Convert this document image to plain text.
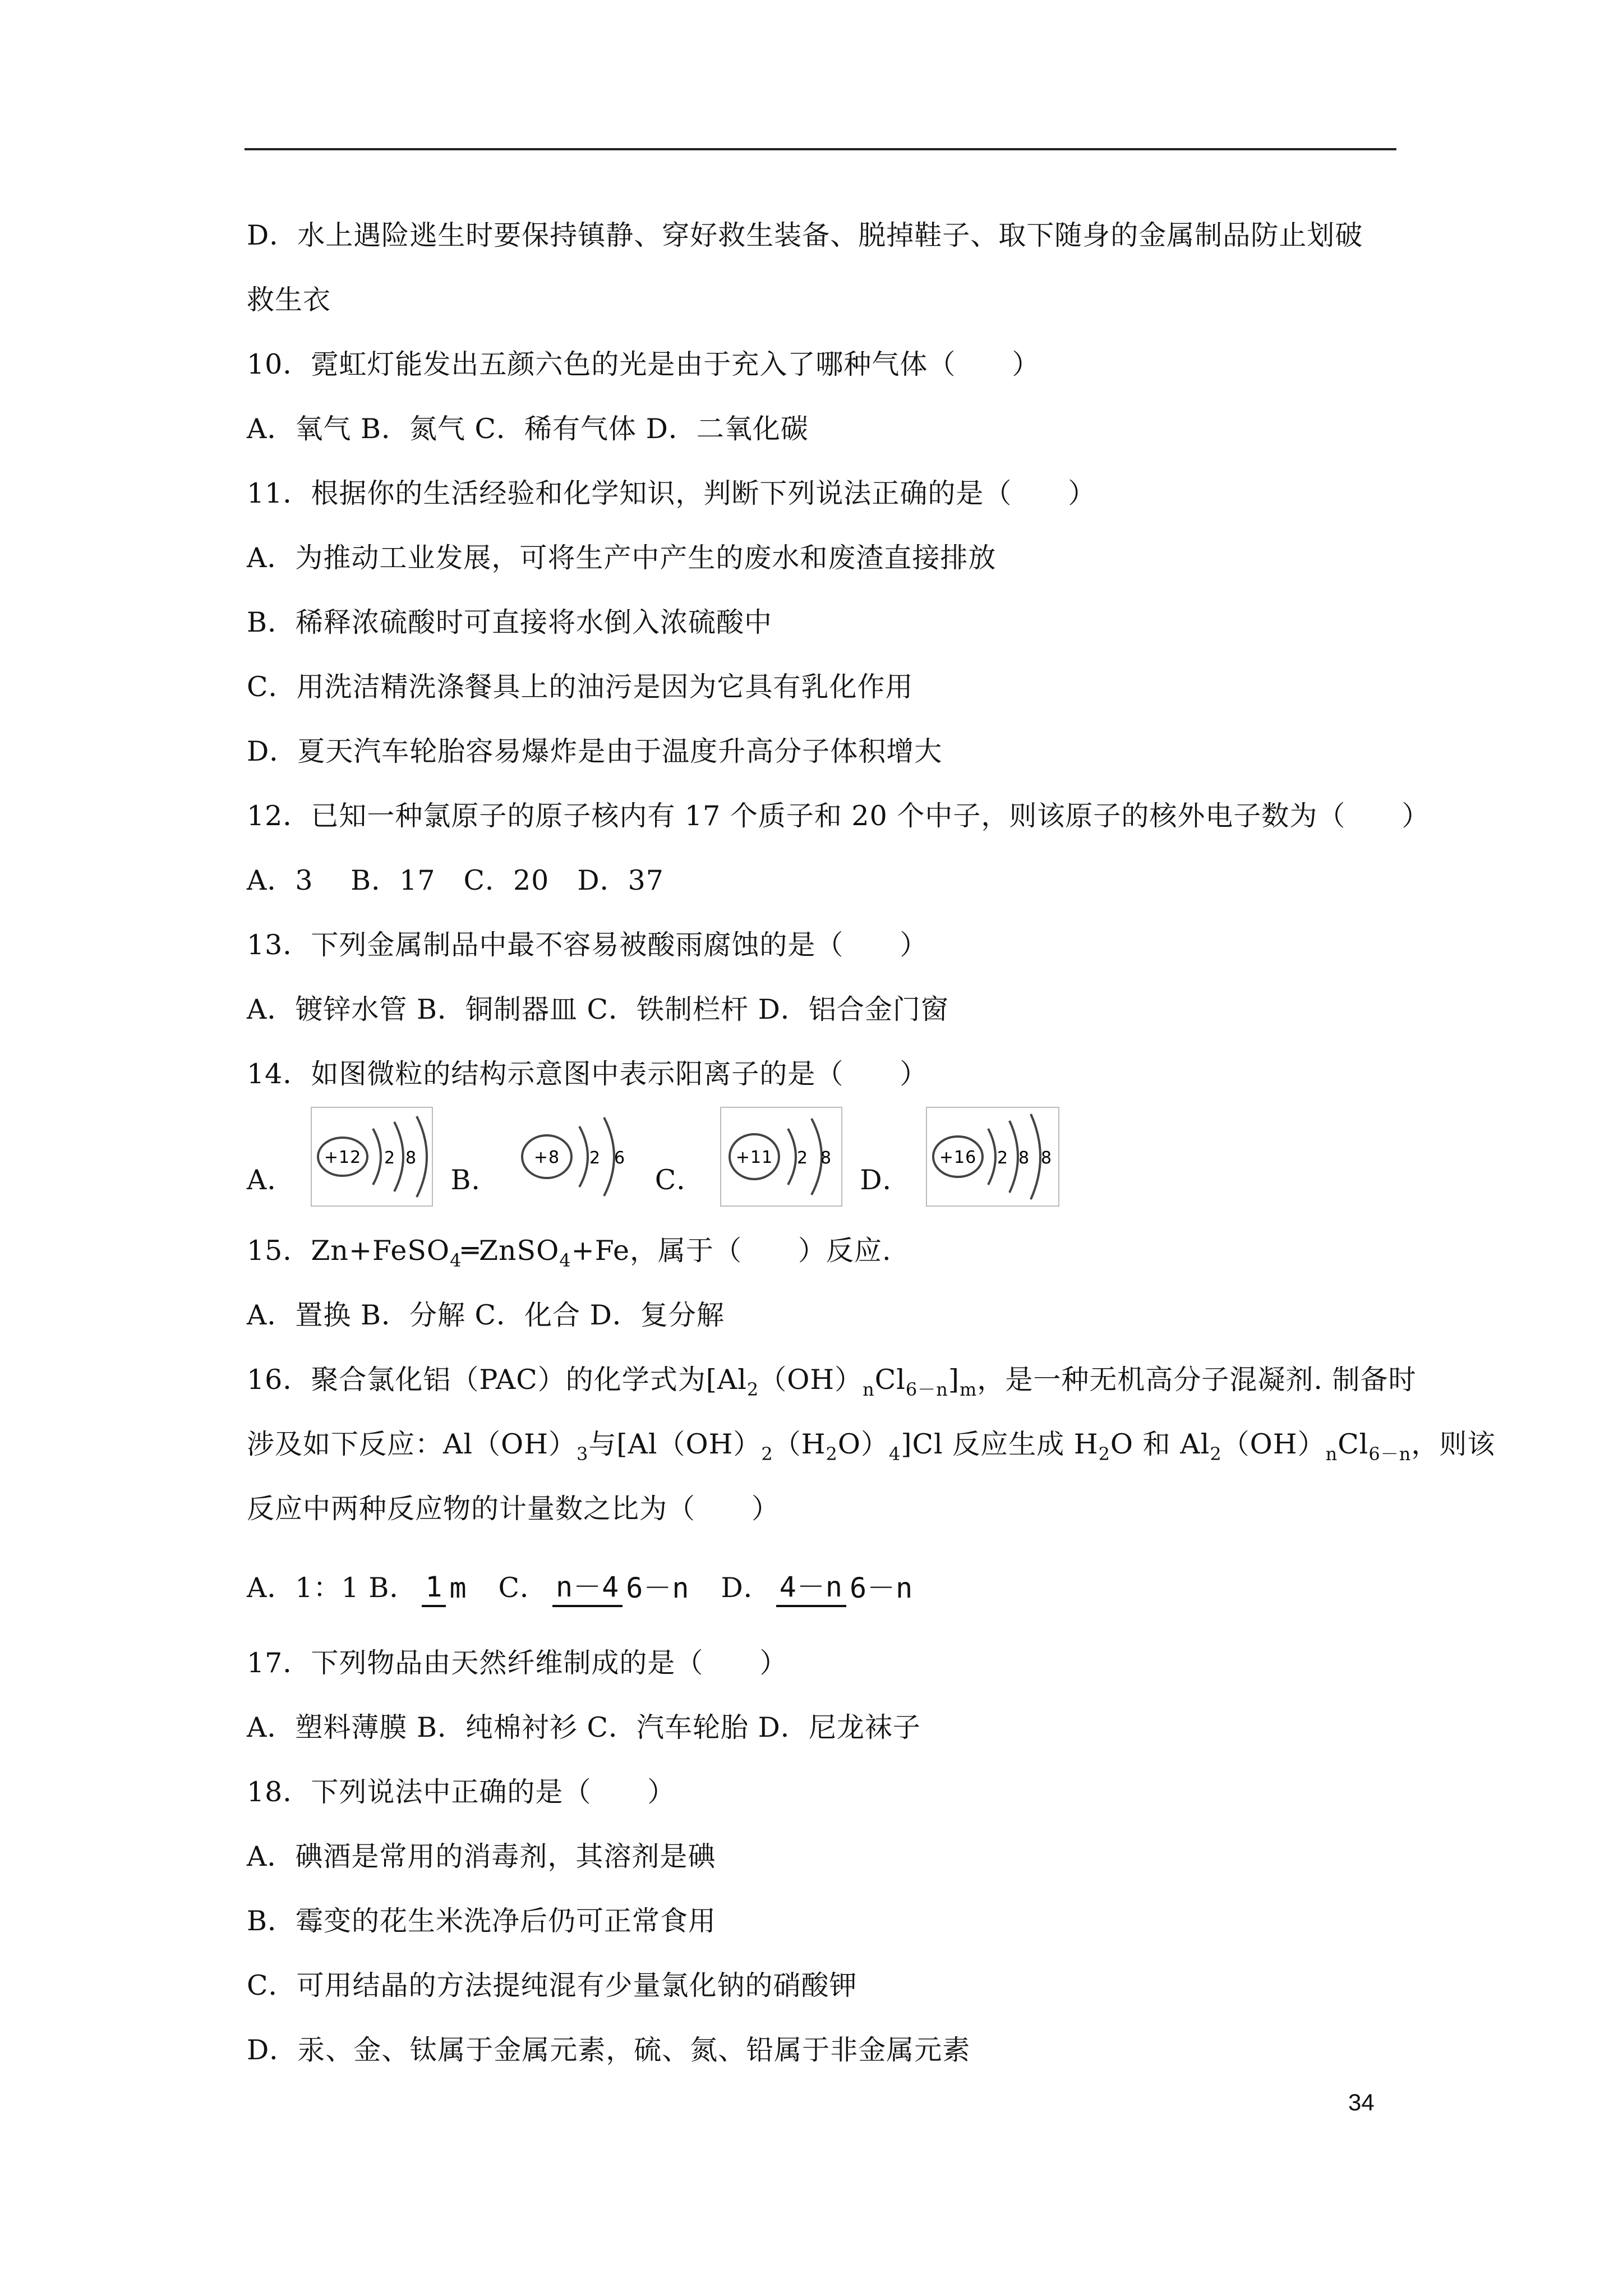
D．水上遇险逃生时要保持镇静、穿好救生装备、脱掉鞋子、取下随身的金属制品防止划破
救生衣
10．霓虹灯能发出五颜六色的光是由于充入了哪种气体（　　）
A．氧气 B．氮气 C．稀有气体 D．二氧化碳
11．根据你的生活经验和化学知识，判断下列说法正确的是（　　）
A．为推动工业发展，可将生产中产生的废水和废渣直接排放
B．稀释浓硫酸时可直接将水倒入浓硫酸中
C．用洗洁精洗涤餐具上的油污是因为它具有乳化作用
D．夏天汽车轮胎容易爆炸是由于温度升高分子体积增大
12．已知一种氯原子的原子核内有 17 个质子和 20 个中子，则该原子的核外电子数为（　　）
A．3　 B．17　C．20　D．37
13．下列金属制品中最不容易被酸雨腐蚀的是（　　）
A．镀锌水管 B．铜制器皿 C．铁制栏杆 D．铝合金门窗
14．如图微粒的结构示意图中表示阳离子的是（　　）
A．
+12 2 8
B．
+8 2 6
C．
+11 2 8
D．
+16 2 8 8
15．Zn+FeSO$_4$═ZnSO$_4$+Fe，属于（　　）反应.
A．置换 B．分解 C．化合 D．复分解
16．聚合氯化铝（PAC）的化学式为$[Al_2(OH)_nCl_{6-n}]_m$，是一种无机高分子混凝剂. 制备时
涉及如下反应：$Al(OH)_3$与$[Al(OH)_2(H_2O)_4]Cl$ 反应生成 $H_2O$ 和 $Al_2(OH)_nCl_{6-n}$，则该
反应中两种反应物的计量数之比为（　　）
A．1：1 B． 1 m C． n－4 6－n D． 4－n 6－n
17．下列物品由天然纤维制成的是（　　）
A．塑料薄膜 B．纯棉衬衫 C．汽车轮胎 D．尼龙袜子
18．下列说法中正确的是（　　）
A．碘酒是常用的消毒剂，其溶剂是碘
B．霉变的花生米洗净后仍可正常食用
C．可用结晶的方法提纯混有少量氯化钠的硝酸钾
D．汞、金、钛属于金属元素，硫、氮、铅属于非金属元素
34
